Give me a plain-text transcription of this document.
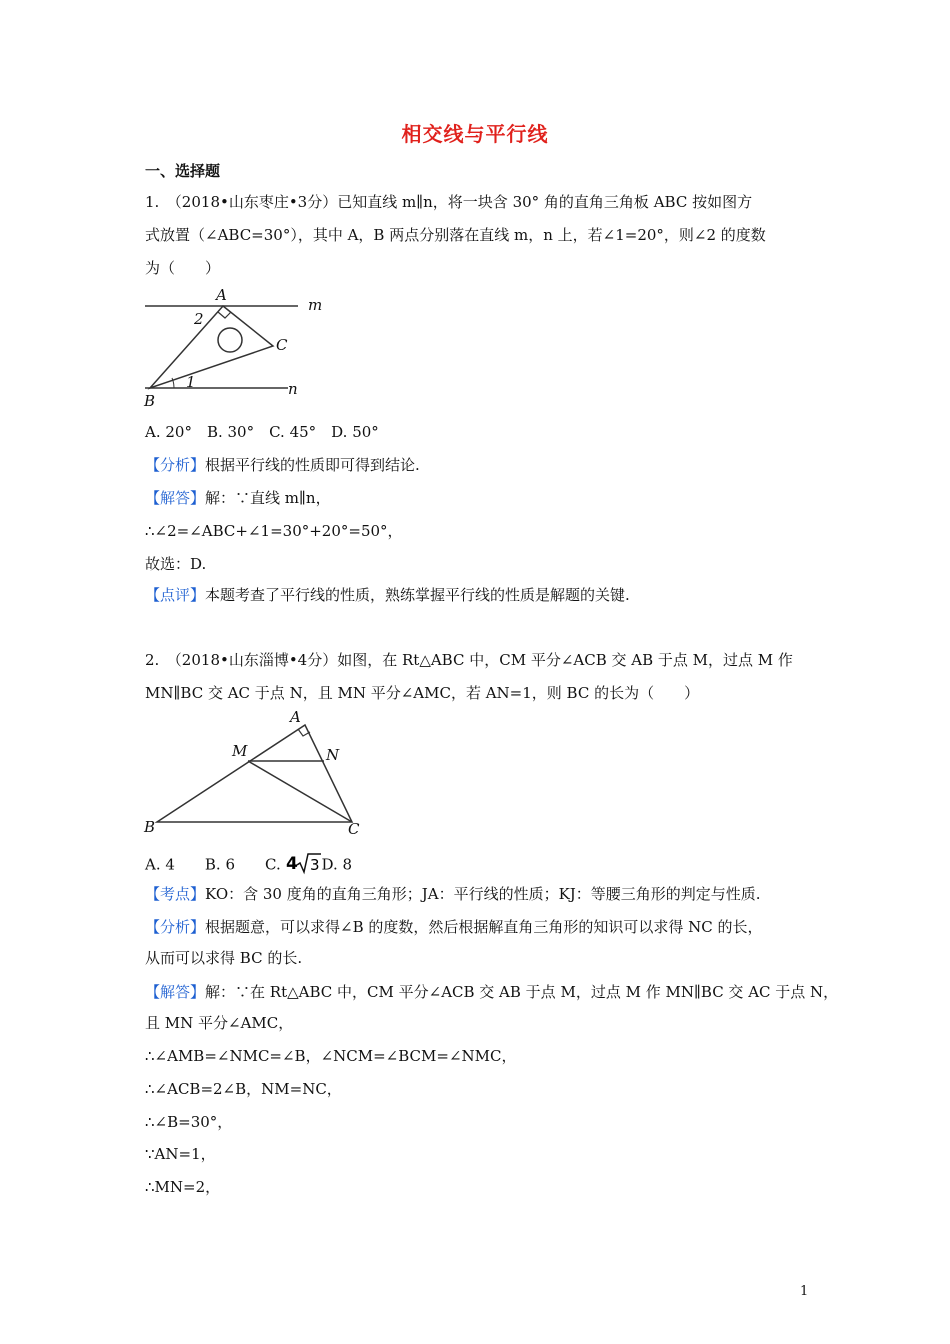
相交线与平行线
一、选择题
1.　（2018•山东枣庄•3分）已知直线 m∥n，将一块含 30° 角的直角三角板 ABC 按如图方
式放置（∠ABC=30°），其中 A，B 两点分别落在直线 m，n 上，若∠1=20°，则∠2 的度数
为（　　）
A
m
2
C
1	n
B
A. 20°　B. 30°　C. 45°　D. 50°
【分析】根据平行线的性质即可得到结论.
【解答】解：∵直线 m∥n，
∴∠2=∠ABC+∠1=30°+20°=50°，
故选：D.
【点评】本题考查了平行线的性质，熟练掌握平行线的性质是解题的关键.
2.　（2018•山东淄博•4分）如图，在 Rt△ABC 中，CM 平分∠ACB 交 AB 于点 M，过点 M 作
MN∥BC 交 AC 于点 N，且 MN 平分∠AMC，若 AN=1，则 BC 的长为（　　）
A
M	N
B	C
A. 4　　B. 6　　C. 4 3 D. 8
【考点】KO：含 30 度角的直角三角形；JA：平行线的性质；KJ：等腰三角形的判定与性质.
【分析】根据题意，可以求得∠B 的度数，然后根据解直角三角形的知识可以求得 NC 的长，
从而可以求得 BC 的长.
【解答】解：∵在 Rt△ABC 中，CM 平分∠ACB 交 AB 于点 M，过点 M 作 MN∥BC 交 AC 于点 N，
且 MN 平分∠AMC，
∴∠AMB=∠NMC=∠B，∠NCM=∠BCM=∠NMC，
∴∠ACB=2∠B，NM=NC，
∴∠B=30°，
∵AN=1，
∴MN=2，
1
